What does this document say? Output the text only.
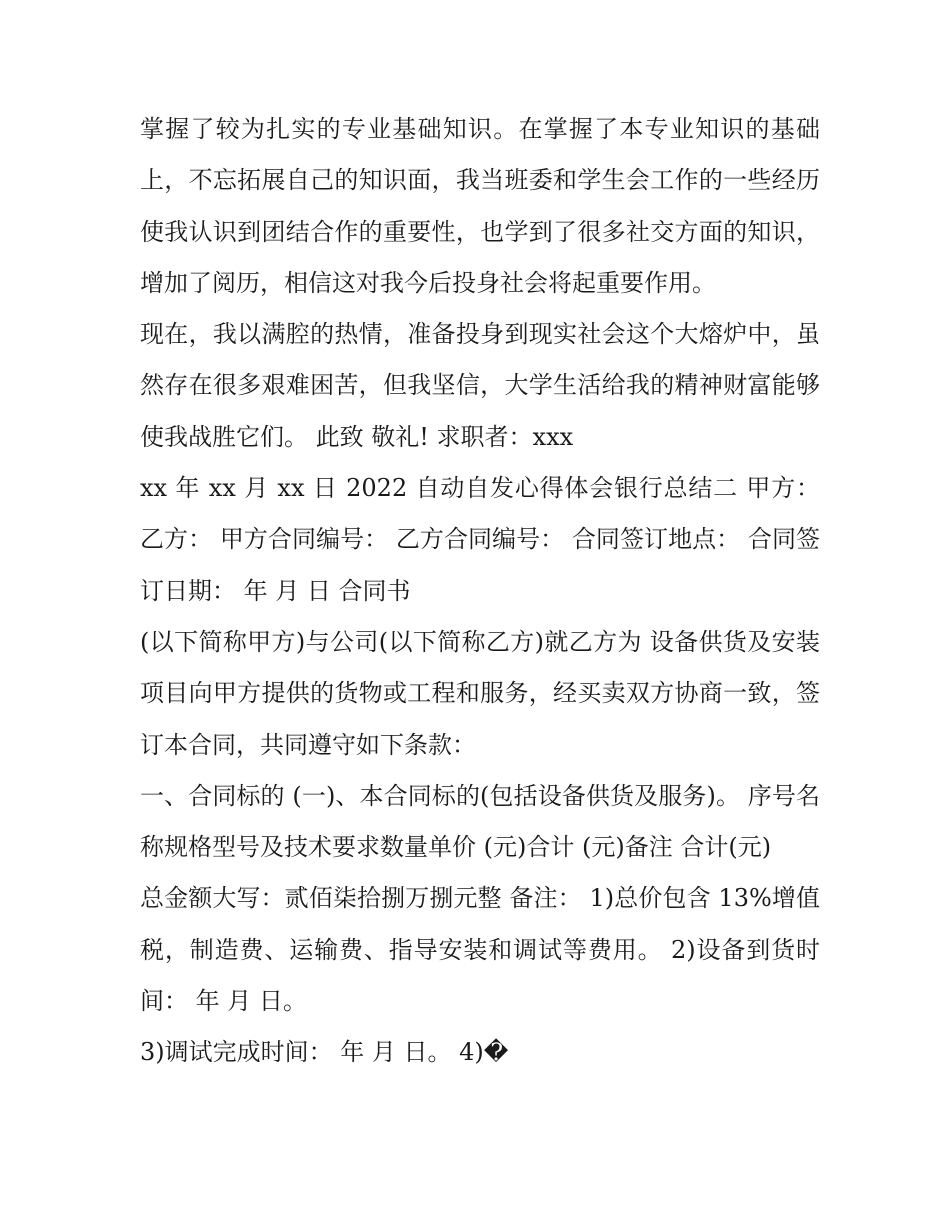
掌握了较为扎实的专业基础知识。在掌握了本专业知识的基础上，不忘拓展自己的知识面，我当班委和学生会工作的一些经历使我认识到团结合作的重要性，也学到了很多社交方面的知识，增加了阅历，相信这对我今后投身社会将起重要作用。

现在，我以满腔的热情，准备投身到现实社会这个大熔炉中，虽然存在很多艰难困苦，但我坚信，大学生活给我的精神财富能够使我战胜它们。 此致 敬礼! 求职者：xxx

xx 年 xx 月 xx 日 2022 自动自发心得体会银行总结二 甲方： 乙方： 甲方合同编号： 乙方合同编号： 合同签订地点： 合同签订日期： 年 月 日 合同书

(以下简称甲方)与公司(以下简称乙方)就乙方为 设备供货及安装项目向甲方提供的货物或工程和服务，经买卖双方协商一致，签订本合同，共同遵守如下条款：

一、合同标的 (一)、本合同标的(包括设备供货及服务)。 序号名 称规格型号及技术要求数量单价 (元)合计 (元)备注 合计(元)

总金额大写：贰佰柒拾捌万捌元整 备注： 1)总价包含 13%增值税，制造费、运输费、指导安装和调试等费用。 2)设备到货时间： 年 月 日。

3)调试完成时间： 年 月 日。 4)�
